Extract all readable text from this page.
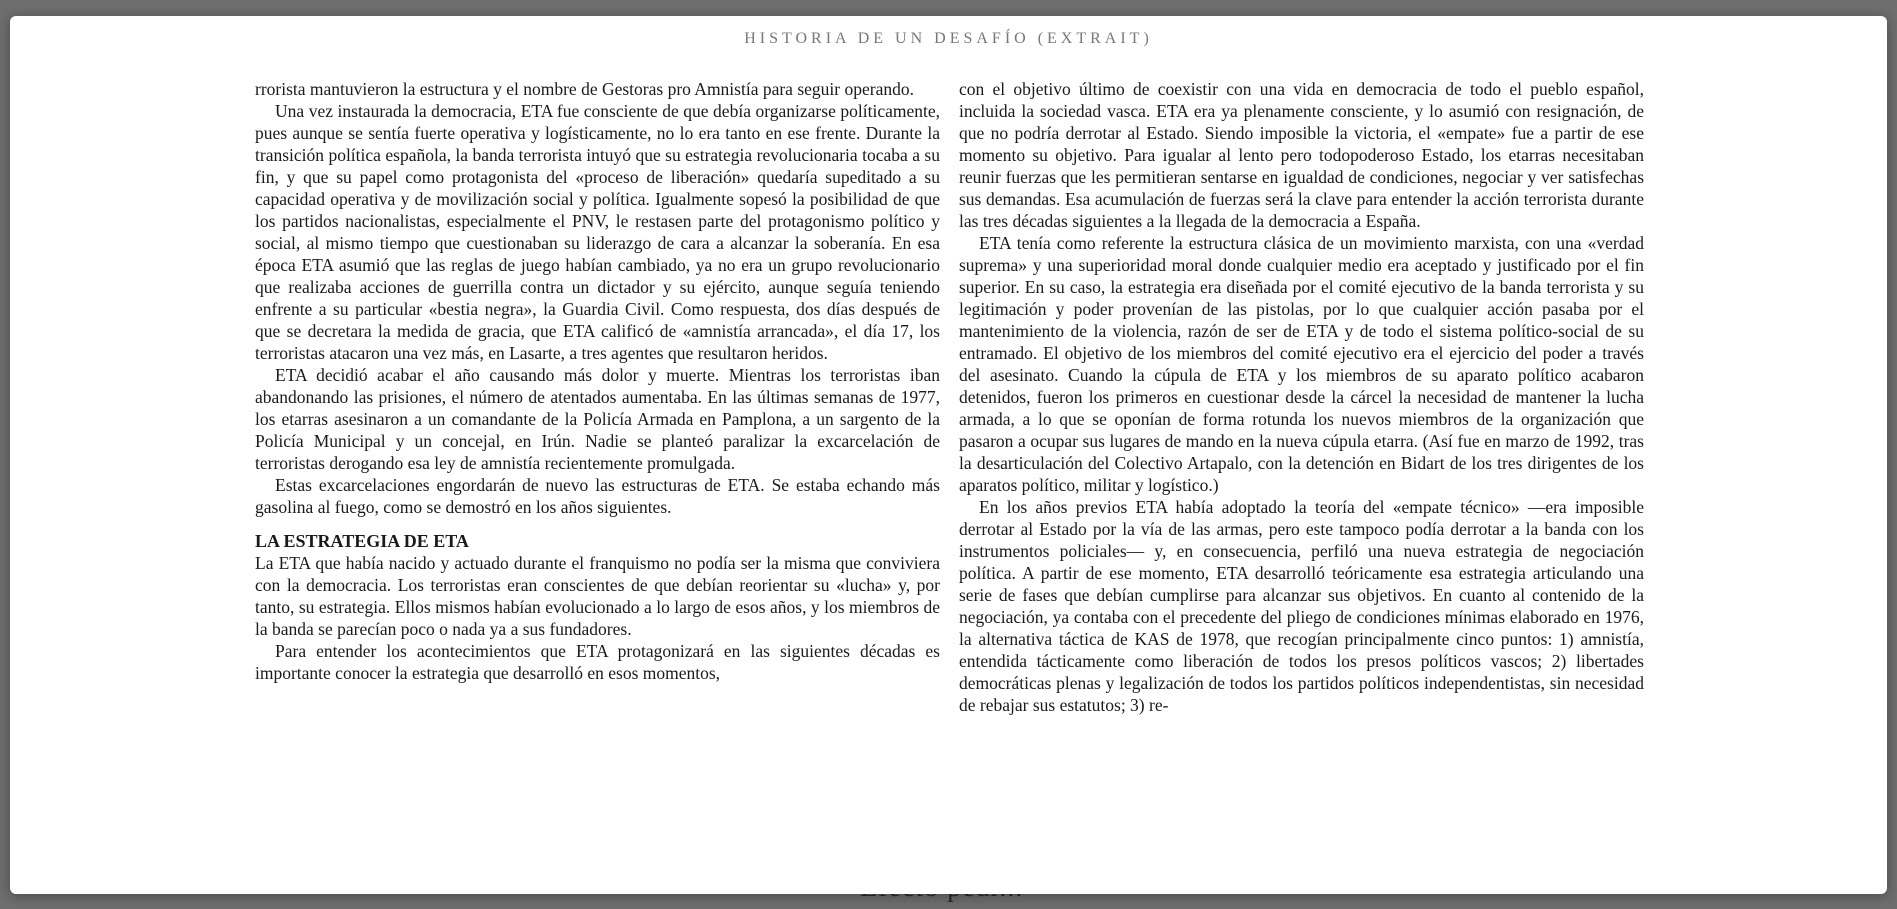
HISTORIA DE UN DESAFÍO (EXTRAIT)

rrorista mantuvieron la estructura y el nombre de Gestoras pro Amnistía para seguir operando.

Una vez instaurada la democracia, ETA fue consciente de que debía organizarse políticamente, pues aunque se sentía fuerte operativa y logísticamente, no lo era tanto en ese frente. Durante la transición política española, la banda terrorista intuyó que su estrategia revolucionaria tocaba a su fin, y que su papel como protagonista del «proceso de liberación» quedaría supeditado a su capacidad operativa y de movilización social y política. Igualmente sopesó la posibilidad de que los partidos nacionalistas, especialmente el PNV, le restasen parte del protagonismo político y social, al mismo tiempo que cuestionaban su liderazgo de cara a alcanzar la soberanía. En esa época ETA asumió que las reglas de juego habían cambiado, ya no era un grupo revolucionario que realizaba acciones de guerrilla contra un dictador y su ejército, aunque seguía teniendo enfrente a su particular «bestia negra», la Guardia Civil. Como respuesta, dos días después de que se decretara la medida de gracia, que ETA calificó de «amnistía arrancada», el día 17, los terroristas atacaron una vez más, en Lasarte, a tres agentes que resultaron heridos.

ETA decidió acabar el año causando más dolor y muerte. Mientras los terroristas iban abandonando las prisiones, el número de atentados aumentaba. En las últimas semanas de 1977, los etarras asesinaron a un comandante de la Policía Armada en Pamplona, a un sargento de la Policía Municipal y un concejal, en Irún. Nadie se planteó paralizar la excarcelación de terroristas derogando esa ley de amnistía recientemente promulgada.

Estas excarcelaciones engordarán de nuevo las estructuras de ETA. Se estaba echando más gasolina al fuego, como se demostró en los años siguientes.

LA ESTRATEGIA DE ETA

La ETA que había nacido y actuado durante el franquismo no podía ser la misma que conviviera con la democracia. Los terroristas eran conscientes de que debían reorientar su «lucha» y, por tanto, su estrategia. Ellos mismos habían evolucionado a lo largo de esos años, y los miembros de la banda se parecían poco o nada ya a sus fundadores.

Para entender los acontecimientos que ETA protagonizará en las siguientes décadas es importante conocer la estrategia que desarrolló en esos momentos,

con el objetivo último de coexistir con una vida en democracia de todo el pueblo español, incluida la sociedad vasca. ETA era ya plenamente consciente, y lo asumió con resignación, de que no podría derrotar al Estado. Siendo imposible la victoria, el «empate» fue a partir de ese momento su objetivo. Para igualar al lento pero todopoderoso Estado, los etarras necesitaban reunir fuerzas que les permitieran sentarse en igualdad de condiciones, negociar y ver satisfechas sus demandas. Esa acumulación de fuerzas será la clave para entender la acción terrorista durante las tres décadas siguientes a la llegada de la democracia a España.

ETA tenía como referente la estructura clásica de un movimiento marxista, con una «verdad suprema» y una superioridad moral donde cualquier medio era aceptado y justificado por el fin superior. En su caso, la estrategia era diseñada por el comité ejecutivo de la banda terrorista y su legitimación y poder provenían de las pistolas, por lo que cualquier acción pasaba por el mantenimiento de la violencia, razón de ser de ETA y de todo el sistema político-social de su entramado. El objetivo de los miembros del comité ejecutivo era el ejercicio del poder a través del asesinato. Cuando la cúpula de ETA y los miembros de su aparato político acabaron detenidos, fueron los primeros en cuestionar desde la cárcel la necesidad de mantener la lucha armada, a lo que se oponían de forma rotunda los nuevos miembros de la organización que pasaron a ocupar sus lugares de mando en la nueva cúpula etarra. (Así fue en marzo de 1992, tras la desarticulación del Colectivo Artapalo, con la detención en Bidart de los tres dirigentes de los aparatos político, militar y logístico.)

En los años previos ETA había adoptado la teoría del «empate técnico» —era imposible derrotar al Estado por la vía de las armas, pero este tampoco podía derrotar a la banda con los instrumentos policiales— y, en consecuencia, perfiló una nueva estrategia de negociación política. A partir de ese momento, ETA desarrolló teóricamente esa estrategia articulando una serie de fases que debían cumplirse para alcanzar sus objetivos. En cuanto al contenido de la negociación, ya contaba con el precedente del pliego de condiciones mínimas elaborado en 1976, la alternativa táctica de KAS de 1978, que recogían principalmente cinco puntos: 1) amnistía, entendida tácticamente como liberación de todos los presos políticos vascos; 2) libertades democráticas plenas y legalización de todos los partidos políticos independentistas, sin necesidad de rebajar sus estatutos; 3) re-
